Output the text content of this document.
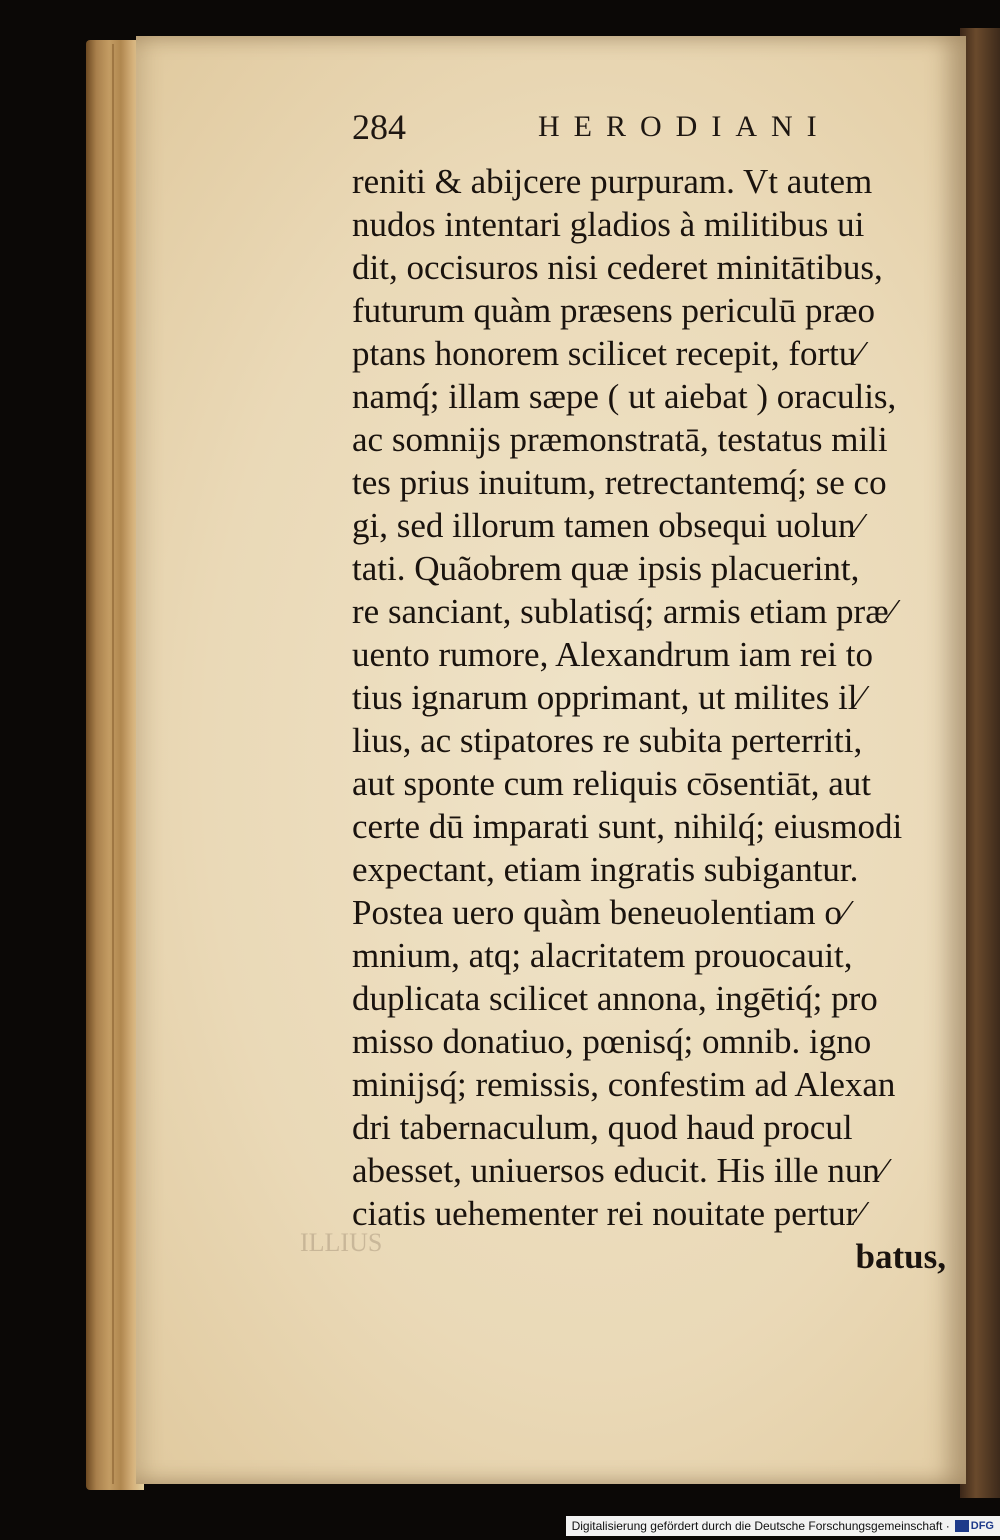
284	HERODIANI
reniti & abijcere purpuram. Vt autem
nudos intentari gladios à militibus ui
dit, occisuros nisi cederet minitātibus,
futurum quàm præsens periculū præo
ptans honorem scilicet recepit, fortu⁄
namq́; illam sæpe ( ut aiebat ) oraculis,
ac somnijs præmonstratā, testatus mili
tes prius inuitum, retrectantemq́; se co
gi, sed illorum tamen obsequi uolun⁄
tati. Quãobrem quæ ipsis placuerint,
re sanciant, sublatisq́; armis etiam præ⁄
uento rumore, Alexandrum iam rei to
tius ignarum opprimant, ut milites il⁄
lius, ac stipatores re subita perterriti,
aut sponte cum reliquis cōsentiāt, aut
certe dū imparati sunt, nihilq́; eiusmodi
expectant, etiam ingratis subigantur.
Postea uero quàm beneuolentiam o⁄
mnium, atq; alacritatem prouocauit,
duplicata scilicet annona, ingētiq́; pro
misso donatiuo, pœnisq́; omnib. igno
minijsq́; remissis, confestim ad Alexan
dri tabernaculum, quod haud procul
abesset, uniuersos educit. His ille nun⁄
ciatis uehementer rei nouitate pertur⁄
batus,
ILLIUS
Digitalisierung gefördert durch die Deutsche Forschungsgemeinschaft · DFG
